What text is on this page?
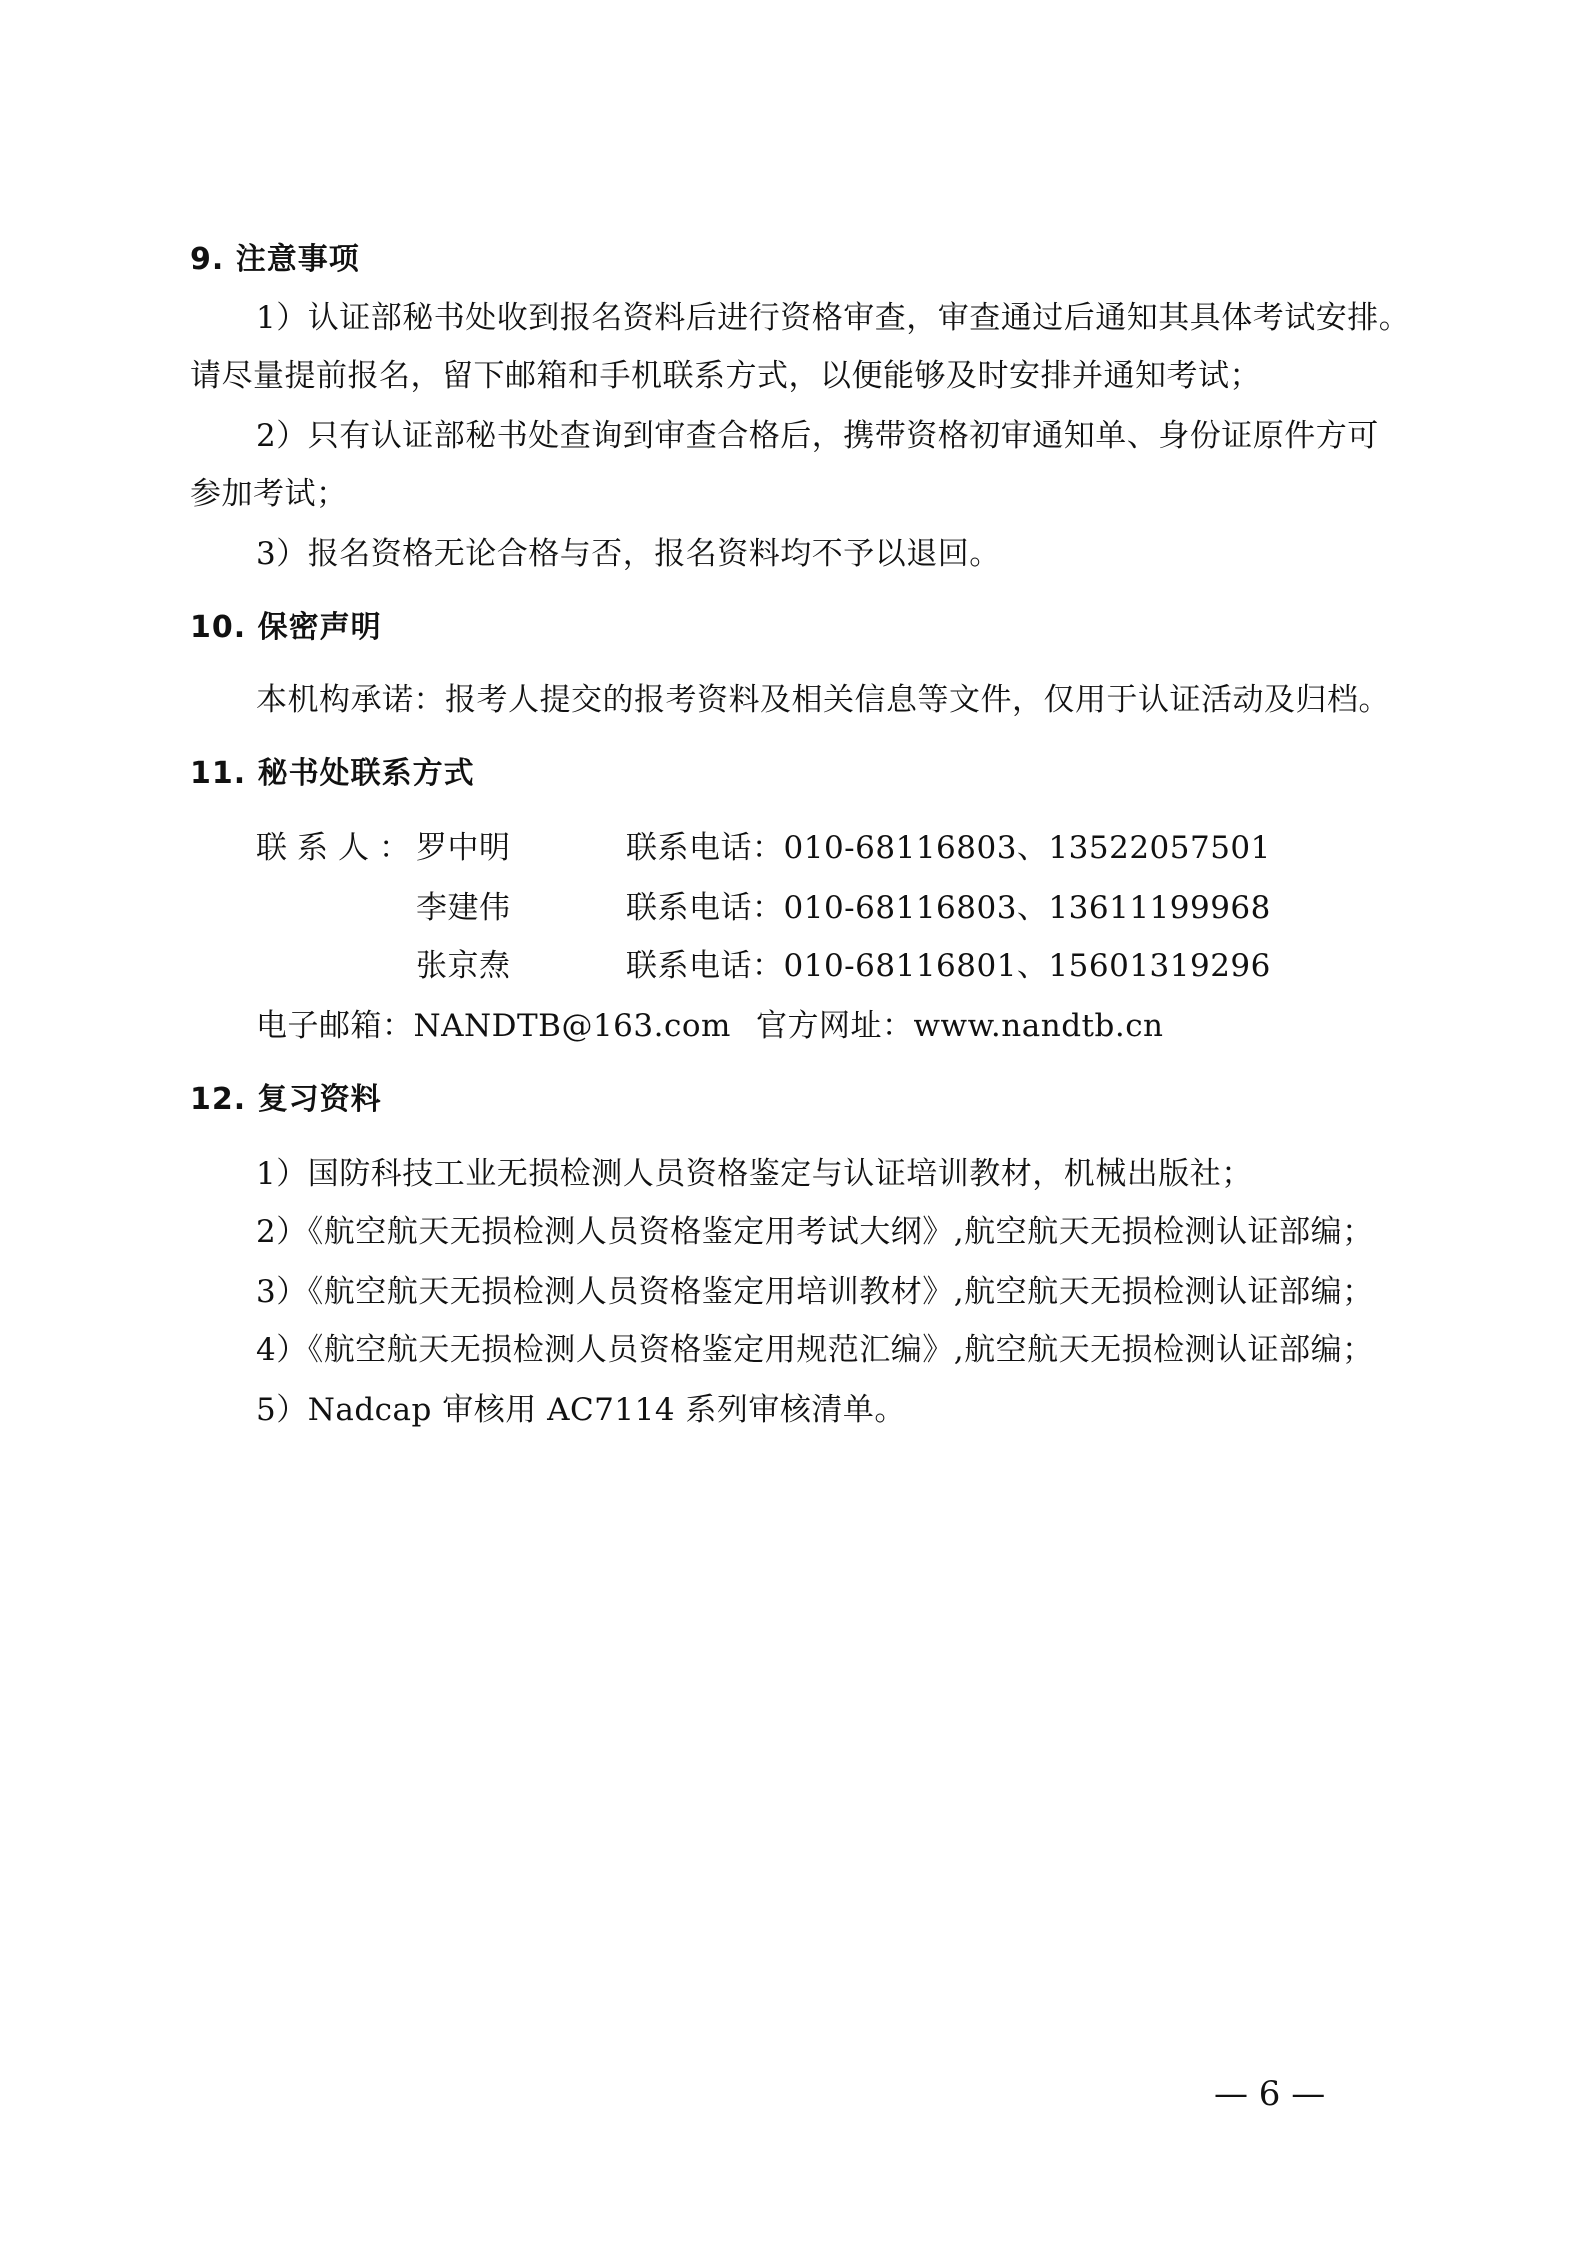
9. 注意事项
1）认证部秘书处收到报名资料后进行资格审查，审查通过后通知其具体考试安排。
请尽量提前报名，留下邮箱和手机联系方式，以便能够及时安排并通知考试；
2）只有认证部秘书处查询到审查合格后，携带资格初审通知单、身份证原件方可
参加考试；
3）报名资格无论合格与否，报名资料均不予以退回。
10. 保密声明
本机构承诺：报考人提交的报考资料及相关信息等文件，仅用于认证活动及归档。
11. 秘书处联系方式
联系人：
罗中明	联系电话：010-68116803、13522057501
李建伟	联系电话：010-68116803、13611199968
张京焘	联系电话：010-68116801、15601319296
电子邮箱：NANDTB@163.com 官方网址：www.nandtb.cn
12. 复习资料
1）国防科技工业无损检测人员资格鉴定与认证培训教材，机械出版社；
2）《航空航天无损检测人员资格鉴定用考试大纲》,航空航天无损检测认证部编；
3）《航空航天无损检测人员资格鉴定用培训教材》,航空航天无损检测认证部编；
4）《航空航天无损检测人员资格鉴定用规范汇编》,航空航天无损检测认证部编；
5）Nadcap 审核用 AC7114 系列审核清单。
— 6 —
